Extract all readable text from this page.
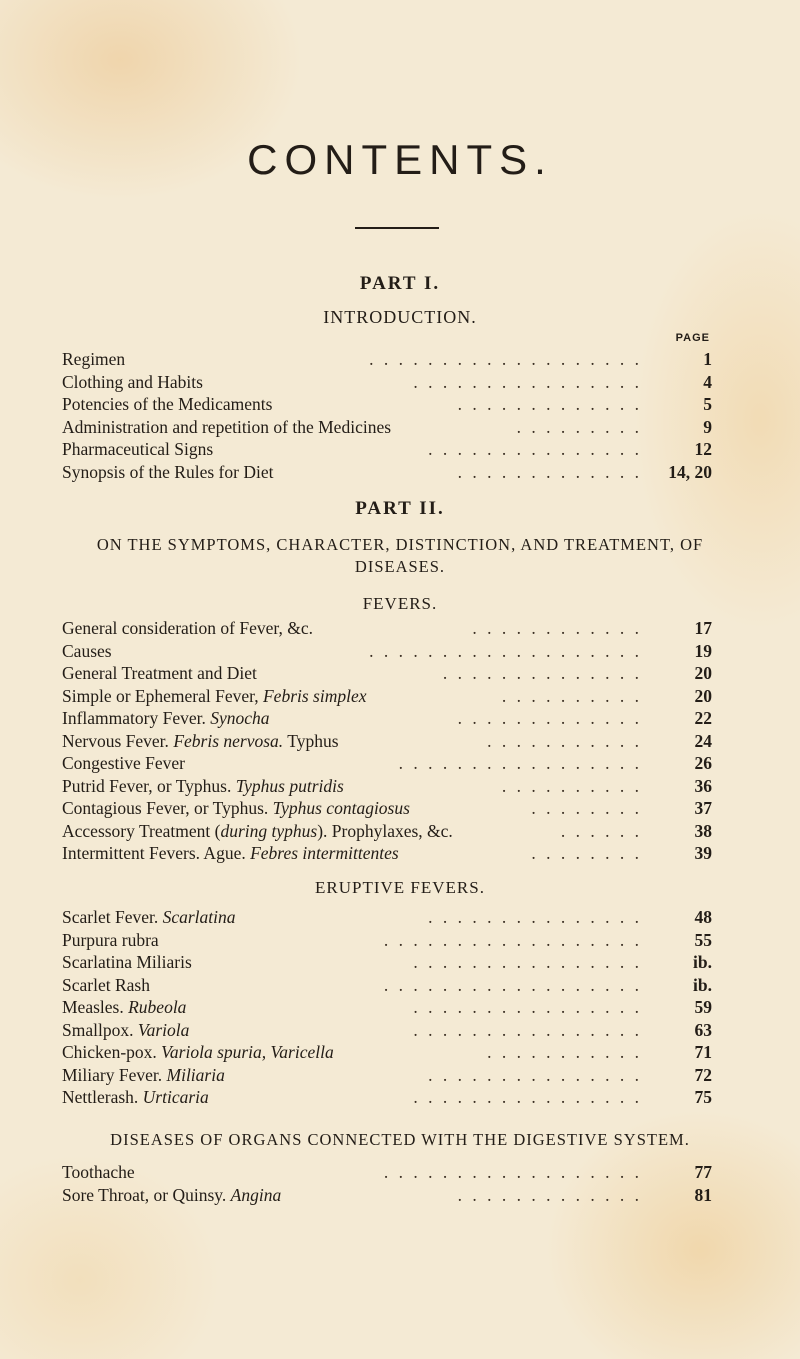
CONTENTS.
PART I.
INTRODUCTION.
PAGE
Regimen	. . . . . . . . . . . . . . . . . . .	1
Clothing and Habits	. . . . . . . . . . . . . . . .	4
Potencies of the Medicaments	. . . . . . . . . . . . .	5
Administration and repetition of the Medicines	. . . . . . . . .	9
Pharmaceutical Signs	. . . . . . . . . . . . . . .	12
Synopsis of the Rules for Diet	. . . . . . . . . . . . . 14, 20
PART II.
ON THE SYMPTOMS, CHARACTER, DISTINCTION, AND TREATMENT, OF
DISEASES.
FEVERS.
General consideration of Fever, &c.	. . . . . . . . . . . .	17
Causes	. . . . . . . . . . . . . . . . . . .	19
General Treatment and Diet	. . . . . . . . . . . . . .	20
Simple or Ephemeral Fever, Febris simplex	. . . . . . . . . .	20
Inflammatory Fever. Synocha	. . . . . . . . . . . . .	22
Nervous Fever. Febris nervosa. Typhus	. . . . . . . . . . .	24
Congestive Fever	. . . . . . . . . . . . . . . . .	26
Putrid Fever, or Typhus. Typhus putridis	. . . . . . . . . .	36
Contagious Fever, or Typhus. Typhus contagiosus	. . . . . . . .	37
Accessory Treatment (during typhus). Prophylaxes, &c.	. . . . . .	38
Intermittent Fevers. Ague. Febres intermittentes	. . . . . . . .	39
ERUPTIVE FEVERS.
Scarlet Fever. Scarlatina	. . . . . . . . . . . . . . .	48
Purpura rubra	. . . . . . . . . . . . . . . . . .	55
Scarlatina Miliaris	. . . . . . . . . . . . . . . .	ib.
Scarlet Rash	. . . . . . . . . . . . . . . . . .	ib.
Measles. Rubeola	. . . . . . . . . . . . . . . .	59
Smallpox. Variola	. . . . . . . . . . . . . . . .	63
Chicken-pox. Variola spuria, Varicella	. . . . . . . . . . .	71
Miliary Fever. Miliaria	. . . . . . . . . . . . . . .	72
Nettlerash. Urticaria	. . . . . . . . . . . . . . . .	75
DISEASES OF ORGANS CONNECTED WITH THE DIGESTIVE SYSTEM.
Toothache	. . . . . . . . . . . . . . . . . .	77
Sore Throat, or Quinsy. Angina	. . . . . . . . . . . . .	81
